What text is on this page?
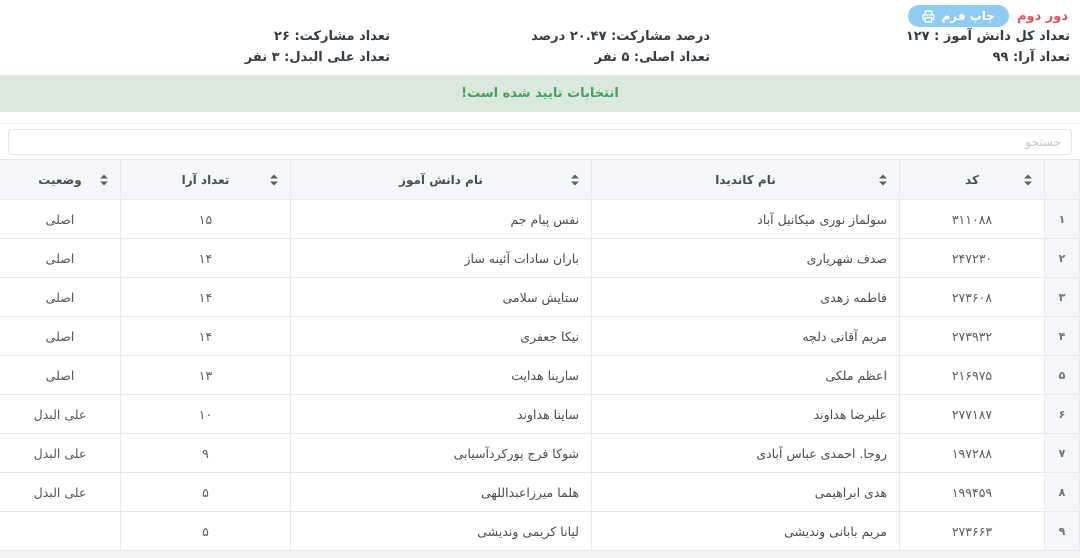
دور دوم
چاپ فرم
تعداد کل دانش آموز : ۱۲۷
تعداد آرا: ۹۹
درصد مشارکت: ۲۰.۴۷ درصد
تعداد اصلی: ۵ نفر
تعداد مشارکت: ۲۶
تعداد علی البدل: ۳ نفر
انتخابات تایید شده است!
جستجو
	کد	نام کاندیدا	نام دانش آموز	تعداد آرا	وضعیت

۱	۳۱۱۰۸۸	سولماز نوری میکانیل آباد	نفس پیام جم	۱۵	اصلی
۲	۲۴۷۲۳۰	صدف شهریاری	باران سادات آئینه ساز	۱۴	اصلی
۳	۲۷۳۶۰۸	فاطمه زهدی	ستایش سلامی	۱۴	اصلی
۴	۲۷۳۹۳۲	مریم آقانی دلچه	نیکا جعفری	۱۴	اصلی
۵	۲۱۶۹۷۵	اعظم ملکی	سارینا هدایت	۱۳	اصلی
۶	۲۷۷۱۸۷	علیرضا هداوند	ساینا هداوند	۱۰	علی البدل
۷	۱۹۷۲۸۸	روجا. احمدی عباس آبادی	شوکا فرج پورکردآسیابی	۹	علی البدل
۸	۱۹۹۴۵۹	هدی ابراهیمی	هلما میرزاعبداللهی	۵	علی البدل
۹	۲۷۳۶۶۳	مریم بابانی وندیشی	لیانا کریمی وندیشی	۵	
